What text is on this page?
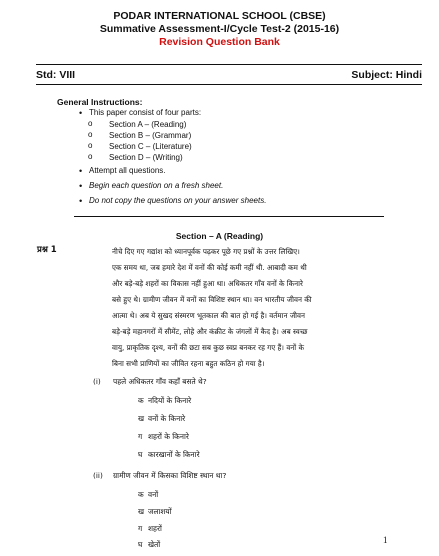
PODAR INTERNATIONAL SCHOOL (CBSE)
Summative Assessment-I/Cycle Test-2 (2015-16)
Revision Question Bank
Std: VIII	Subject: Hindi
General Instructions:
• This paper consist of four parts:
o Section A – (Reading)
o Section B – (Grammar)
o Section C – (Literature)
o Section D – (Writing)
• Attempt all questions.
• Begin each question on a fresh sheet.
• Do not copy the questions on your answer sheets.
Section – A (Reading)
प्रश्न 1	नीचे दिए गए गद्यांश को ध्यानपूर्वक पढ़कर पूछे गए प्रश्नों के उत्तर लिखिए।
एक समय था, जब हमारे देश में वनों की कोई कमी नहीं थी. आबादी कम थी
और बड़े-बड़े शहरों का विकास नहीं हुआ था। अधिकतर गाँव वनों के किनारे
बसे हुए थे। ग्रामीण जीवन में वनों का विशिष्ट स्थान था। वन भारतीय जीवन की
आत्मा थे। अब ये सुखद संस्मरण भूतकाल की बात हो गई है। वर्तमान जीवन
बड़े-बड़े महानगरों में सीमेंट, लोहे और कंक्रीट के जंगलों में कैद है। अब स्वच्छ
वायु, प्राकृतिक दृश्य, वनों की छटा सब कुछ स्वप्न बनकर रह गए हैं। वनों के
बिना सभी प्राणियों का जीवित रहना बहुत कठिन हो गया है।
(i) पहले अधिकतर गाँव कहाँ बसते थे?
क नदियों के किनारे
ख वनों के किनारे
ग शहरों के किनारे
घ कारखानों के किनारे
(ii) ग्रामीण जीवन में किसका विशिष्ट स्थान था?
क वनों
ख जलाशयों
ग शहरों
घ खेतों	1
